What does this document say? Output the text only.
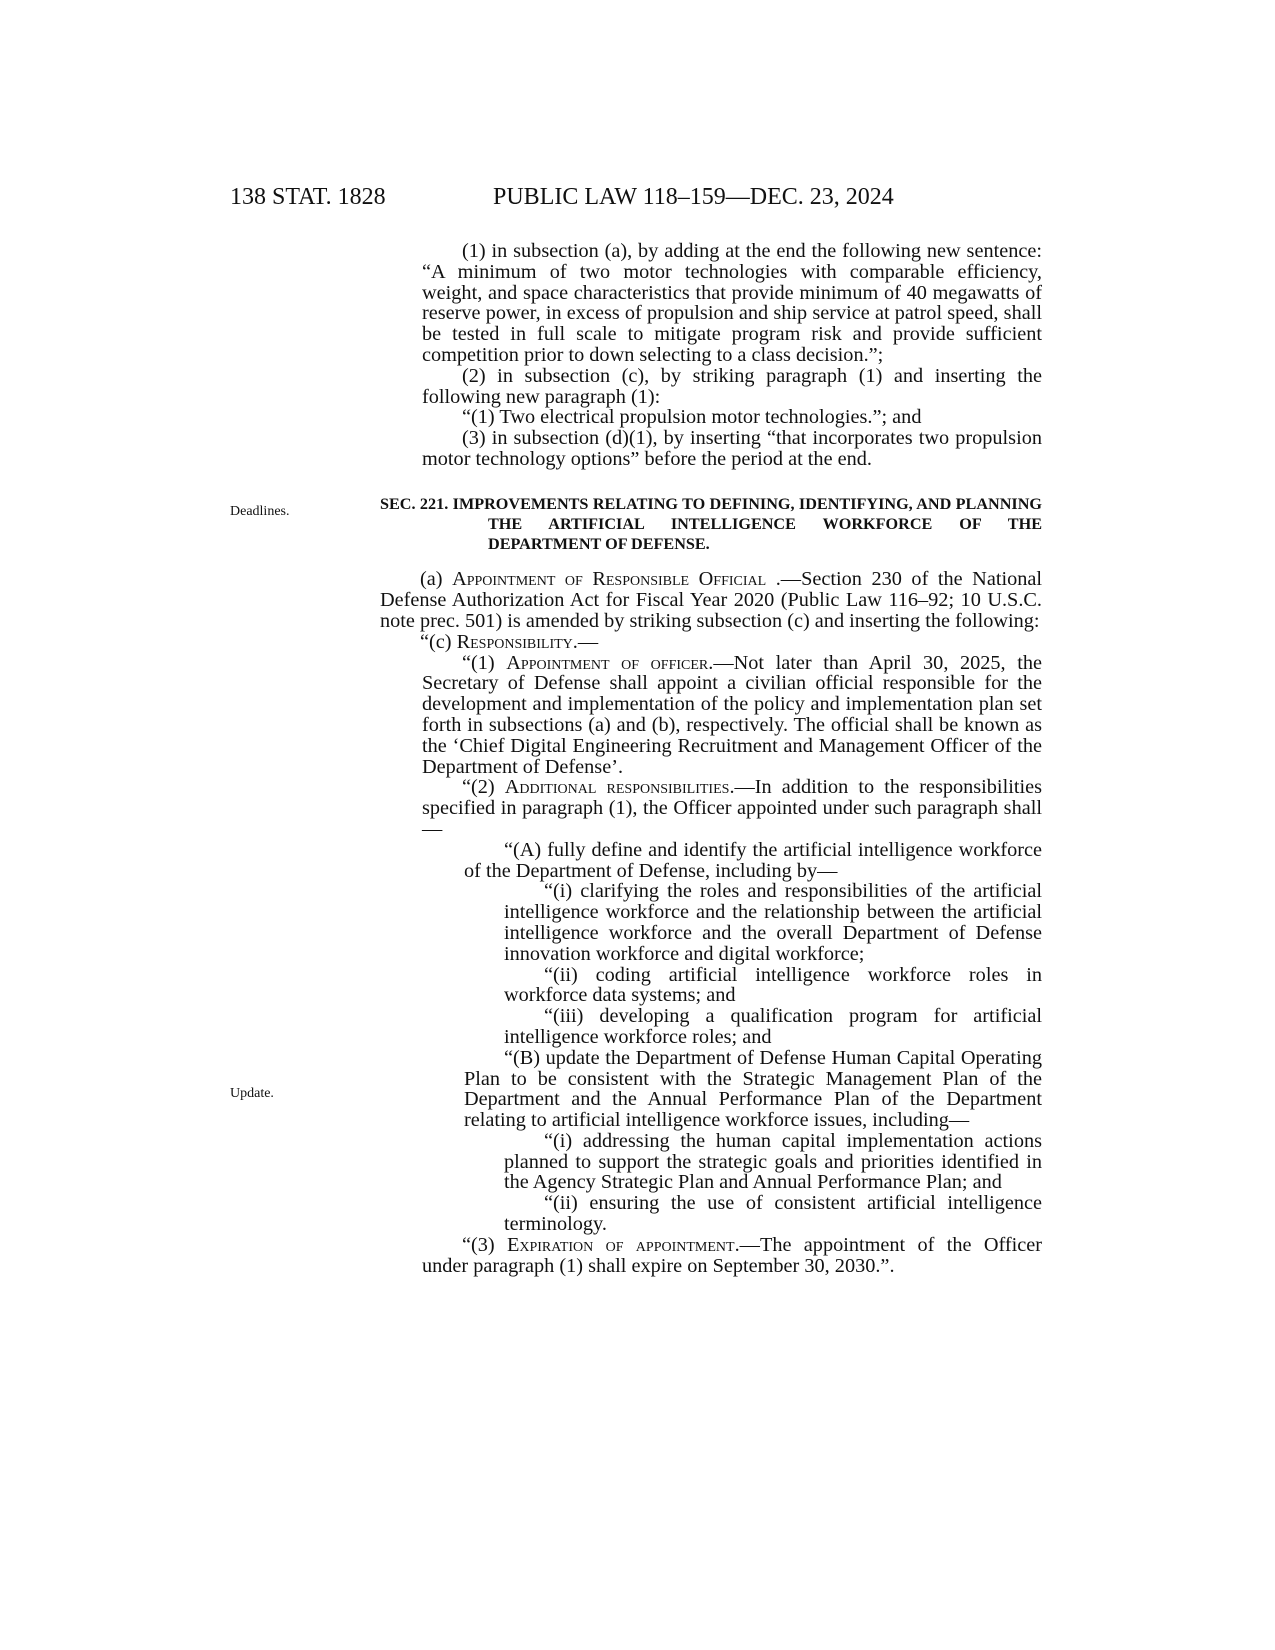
138 STAT. 1828	PUBLIC LAW 118–159—DEC. 23, 2024
Deadlines.
Update.

(1) in subsection (a), by adding at the end the following new sentence: “A minimum of two motor technologies with comparable efficiency, weight, and space characteristics that provide minimum of 40 megawatts of reserve power, in excess of propulsion and ship service at patrol speed, shall be tested in full scale to mitigate program risk and provide sufficient competition prior to down selecting to a class decision.”;

(2) in subsection (c), by striking paragraph (1) and inserting the following new paragraph (1):

“(1) Two electrical propulsion motor technologies.”; and

(3) in subsection (d)(1), by inserting “that incorporates two propulsion motor technology options” before the period at the end.

SEC. 221. IMPROVEMENTS RELATING TO DEFINING, IDENTIFYING, AND PLANNING THE ARTIFICIAL INTELLIGENCE WORKFORCE OF THE DEPARTMENT OF DEFENSE.

(a) Appointment of Responsible Official .—Section 230 of the National Defense Authorization Act for Fiscal Year 2020 (Public Law 116–92; 10 U.S.C. note prec. 501) is amended by striking subsection (c) and inserting the following:

“(c) Responsibility.—

“(1) Appointment of officer.—Not later than April 30, 2025, the Secretary of Defense shall appoint a civilian official responsible for the development and implementation of the policy and implementation plan set forth in subsections (a) and (b), respectively. The official shall be known as the ‘Chief Digital Engineering Recruitment and Management Officer of the Department of Defense’.

“(2) Additional responsibilities.—In addition to the responsibilities specified in paragraph (1), the Officer appointed under such paragraph shall—

“(A) fully define and identify the artificial intelligence workforce of the Department of Defense, including by—

“(i) clarifying the roles and responsibilities of the artificial intelligence workforce and the relationship between the artificial intelligence workforce and the overall Department of Defense innovation workforce and digital workforce;

“(ii) coding artificial intelligence workforce roles in workforce data systems; and

“(iii) developing a qualification program for artificial intelligence workforce roles; and

“(B) update the Department of Defense Human Capital Operating Plan to be consistent with the Strategic Management Plan of the Department and the Annual Performance Plan of the Department relating to artificial intelligence workforce issues, including—

“(i) addressing the human capital implementation actions planned to support the strategic goals and priorities identified in the Agency Strategic Plan and Annual Performance Plan; and

“(ii) ensuring the use of consistent artificial intelligence terminology.

“(3) Expiration of appointment.—The appointment of the Officer under paragraph (1) shall expire on September 30, 2030.”.
